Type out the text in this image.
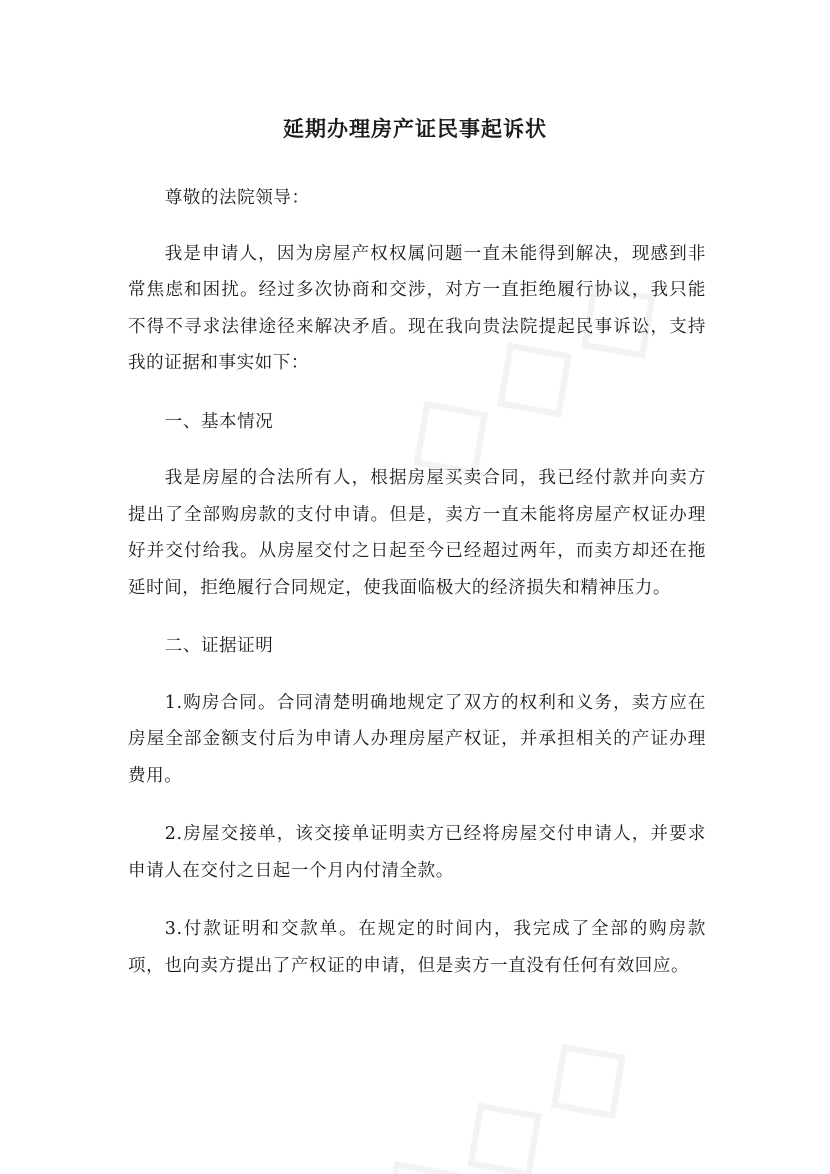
延期办理房产证民事起诉状

尊敬的法院领导：

我是申请人，因为房屋产权权属问题一直未能得到解决，现感到非常焦虑和困扰。经过多次协商和交涉，对方一直拒绝履行协议，我只能不得不寻求法律途径来解决矛盾。现在我向贵法院提起民事诉讼，支持我的证据和事实如下：

一、基本情况

我是房屋的合法所有人，根据房屋买卖合同，我已经付款并向卖方提出了全部购房款的支付申请。但是，卖方一直未能将房屋产权证办理好并交付给我。从房屋交付之日起至今已经超过两年，而卖方却还在拖延时间，拒绝履行合同规定，使我面临极大的经济损失和精神压力。

二、证据证明

1.购房合同。合同清楚明确地规定了双方的权利和义务，卖方应在房屋全部金额支付后为申请人办理房屋产权证，并承担相关的产证办理费用。

2.房屋交接单，该交接单证明卖方已经将房屋交付申请人，并要求申请人在交付之日起一个月内付清全款。

3.付款证明和交款单。在规定的时间内，我完成了全部的购房款项，也向卖方提出了产权证的申请，但是卖方一直没有任何有效回应。
